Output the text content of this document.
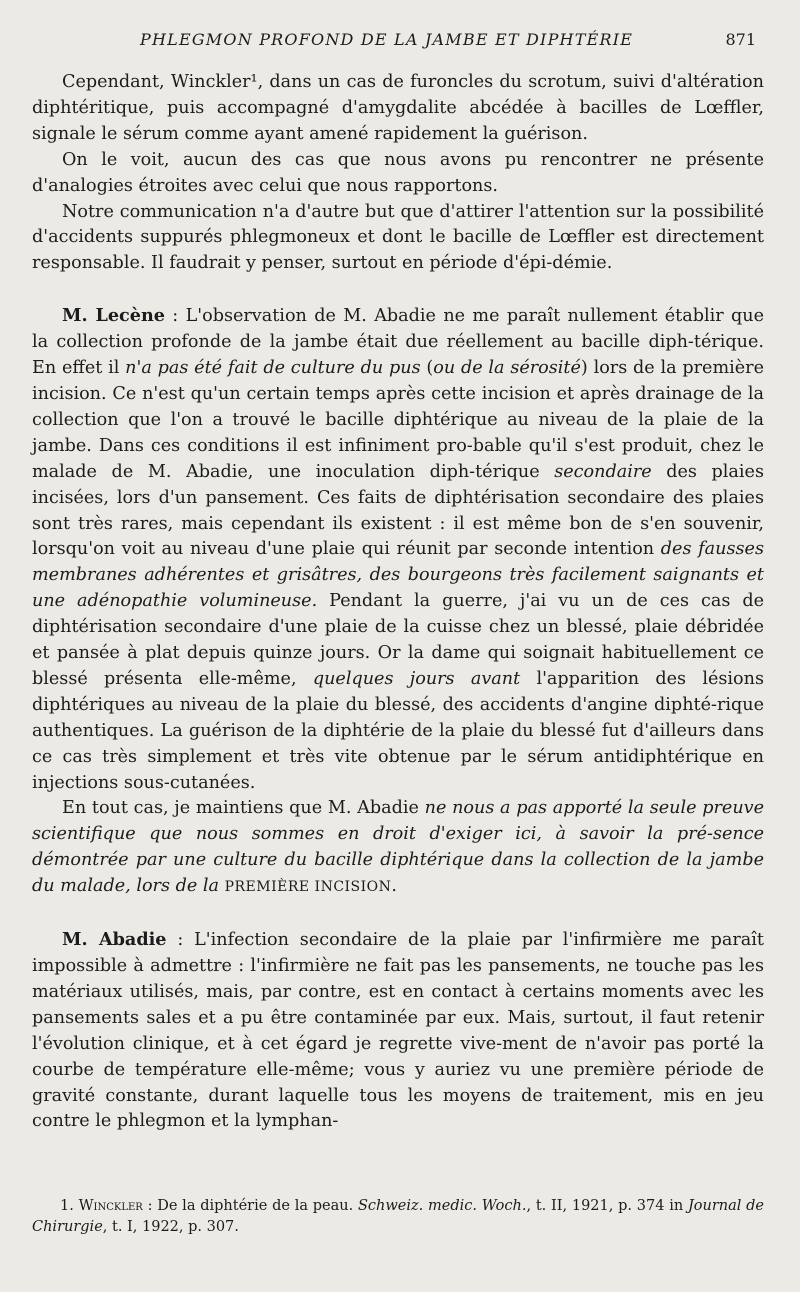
PHLEGMON PROFOND DE LA JAMBE ET DIPHTÉRIE	871

Cependant, Winckler¹, dans un cas de furoncles du scrotum, suivi d'altération diphtéritique, puis accompagné d'amygdalite abcédée à bacilles de Lœffler, signale le sérum comme ayant amené rapidement la guérison.

On le voit, aucun des cas que nous avons pu rencontrer ne présente d'analogies étroites avec celui que nous rapportons.

Notre communication n'a d'autre but que d'attirer l'attention sur la possibilité d'accidents suppurés phlegmoneux et dont le bacille de Lœffler est directement responsable. Il faudrait y penser, surtout en période d'épi-démie.

M. Lecène : L'observation de M. Abadie ne me paraît nullement établir que la collection profonde de la jambe était due réellement au bacille diph-térique. En effet il n'a pas été fait de culture du pus (ou de la sérosité) lors de la première incision. Ce n'est qu'un certain temps après cette incision et après drainage de la collection que l'on a trouvé le bacille diphtérique au niveau de la plaie de la jambe. Dans ces conditions il est infiniment pro-bable qu'il s'est produit, chez le malade de M. Abadie, une inoculation diph-térique secondaire des plaies incisées, lors d'un pansement. Ces faits de diphtérisation secondaire des plaies sont très rares, mais cependant ils existent : il est même bon de s'en souvenir, lorsqu'on voit au niveau d'une plaie qui réunit par seconde intention des fausses membranes adhérentes et grisâtres, des bourgeons très facilement saignants et une adénopathie volumineuse. Pendant la guerre, j'ai vu un de ces cas de diphtérisation secondaire d'une plaie de la cuisse chez un blessé, plaie débridée et pansée à plat depuis quinze jours. Or la dame qui soignait habituellement ce blessé présenta elle-même, quelques jours avant l'apparition des lésions diphtériques au niveau de la plaie du blessé, des accidents d'angine diphté-rique authentiques. La guérison de la diphtérie de la plaie du blessé fut d'ailleurs dans ce cas très simplement et très vite obtenue par le sérum antidiphtérique en injections sous-cutanées.

En tout cas, je maintiens que M. Abadie ne nous a pas apporté la seule preuve scientifique que nous sommes en droit d'exiger ici, à savoir la pré-sence démontrée par une culture du bacille diphtérique dans la collection de la jambe du malade, lors de la PREMIÈRE INCISION.

M. Abadie : L'infection secondaire de la plaie par l'infirmière me paraît impossible à admettre : l'infirmière ne fait pas les pansements, ne touche pas les matériaux utilisés, mais, par contre, est en contact à certains moments avec les pansements sales et a pu être contaminée par eux. Mais, surtout, il faut retenir l'évolution clinique, et à cet égard je regrette vive-ment de n'avoir pas porté la courbe de température elle-même; vous y auriez vu une première période de gravité constante, durant laquelle tous les moyens de traitement, mis en jeu contre le phlegmon et la lymphan-

1. Winckler : De la diphtérie de la peau. Schweiz. medic. Woch., t. II, 1921, p. 374 in Journal de Chirurgie, t. I, 1922, p. 307.
